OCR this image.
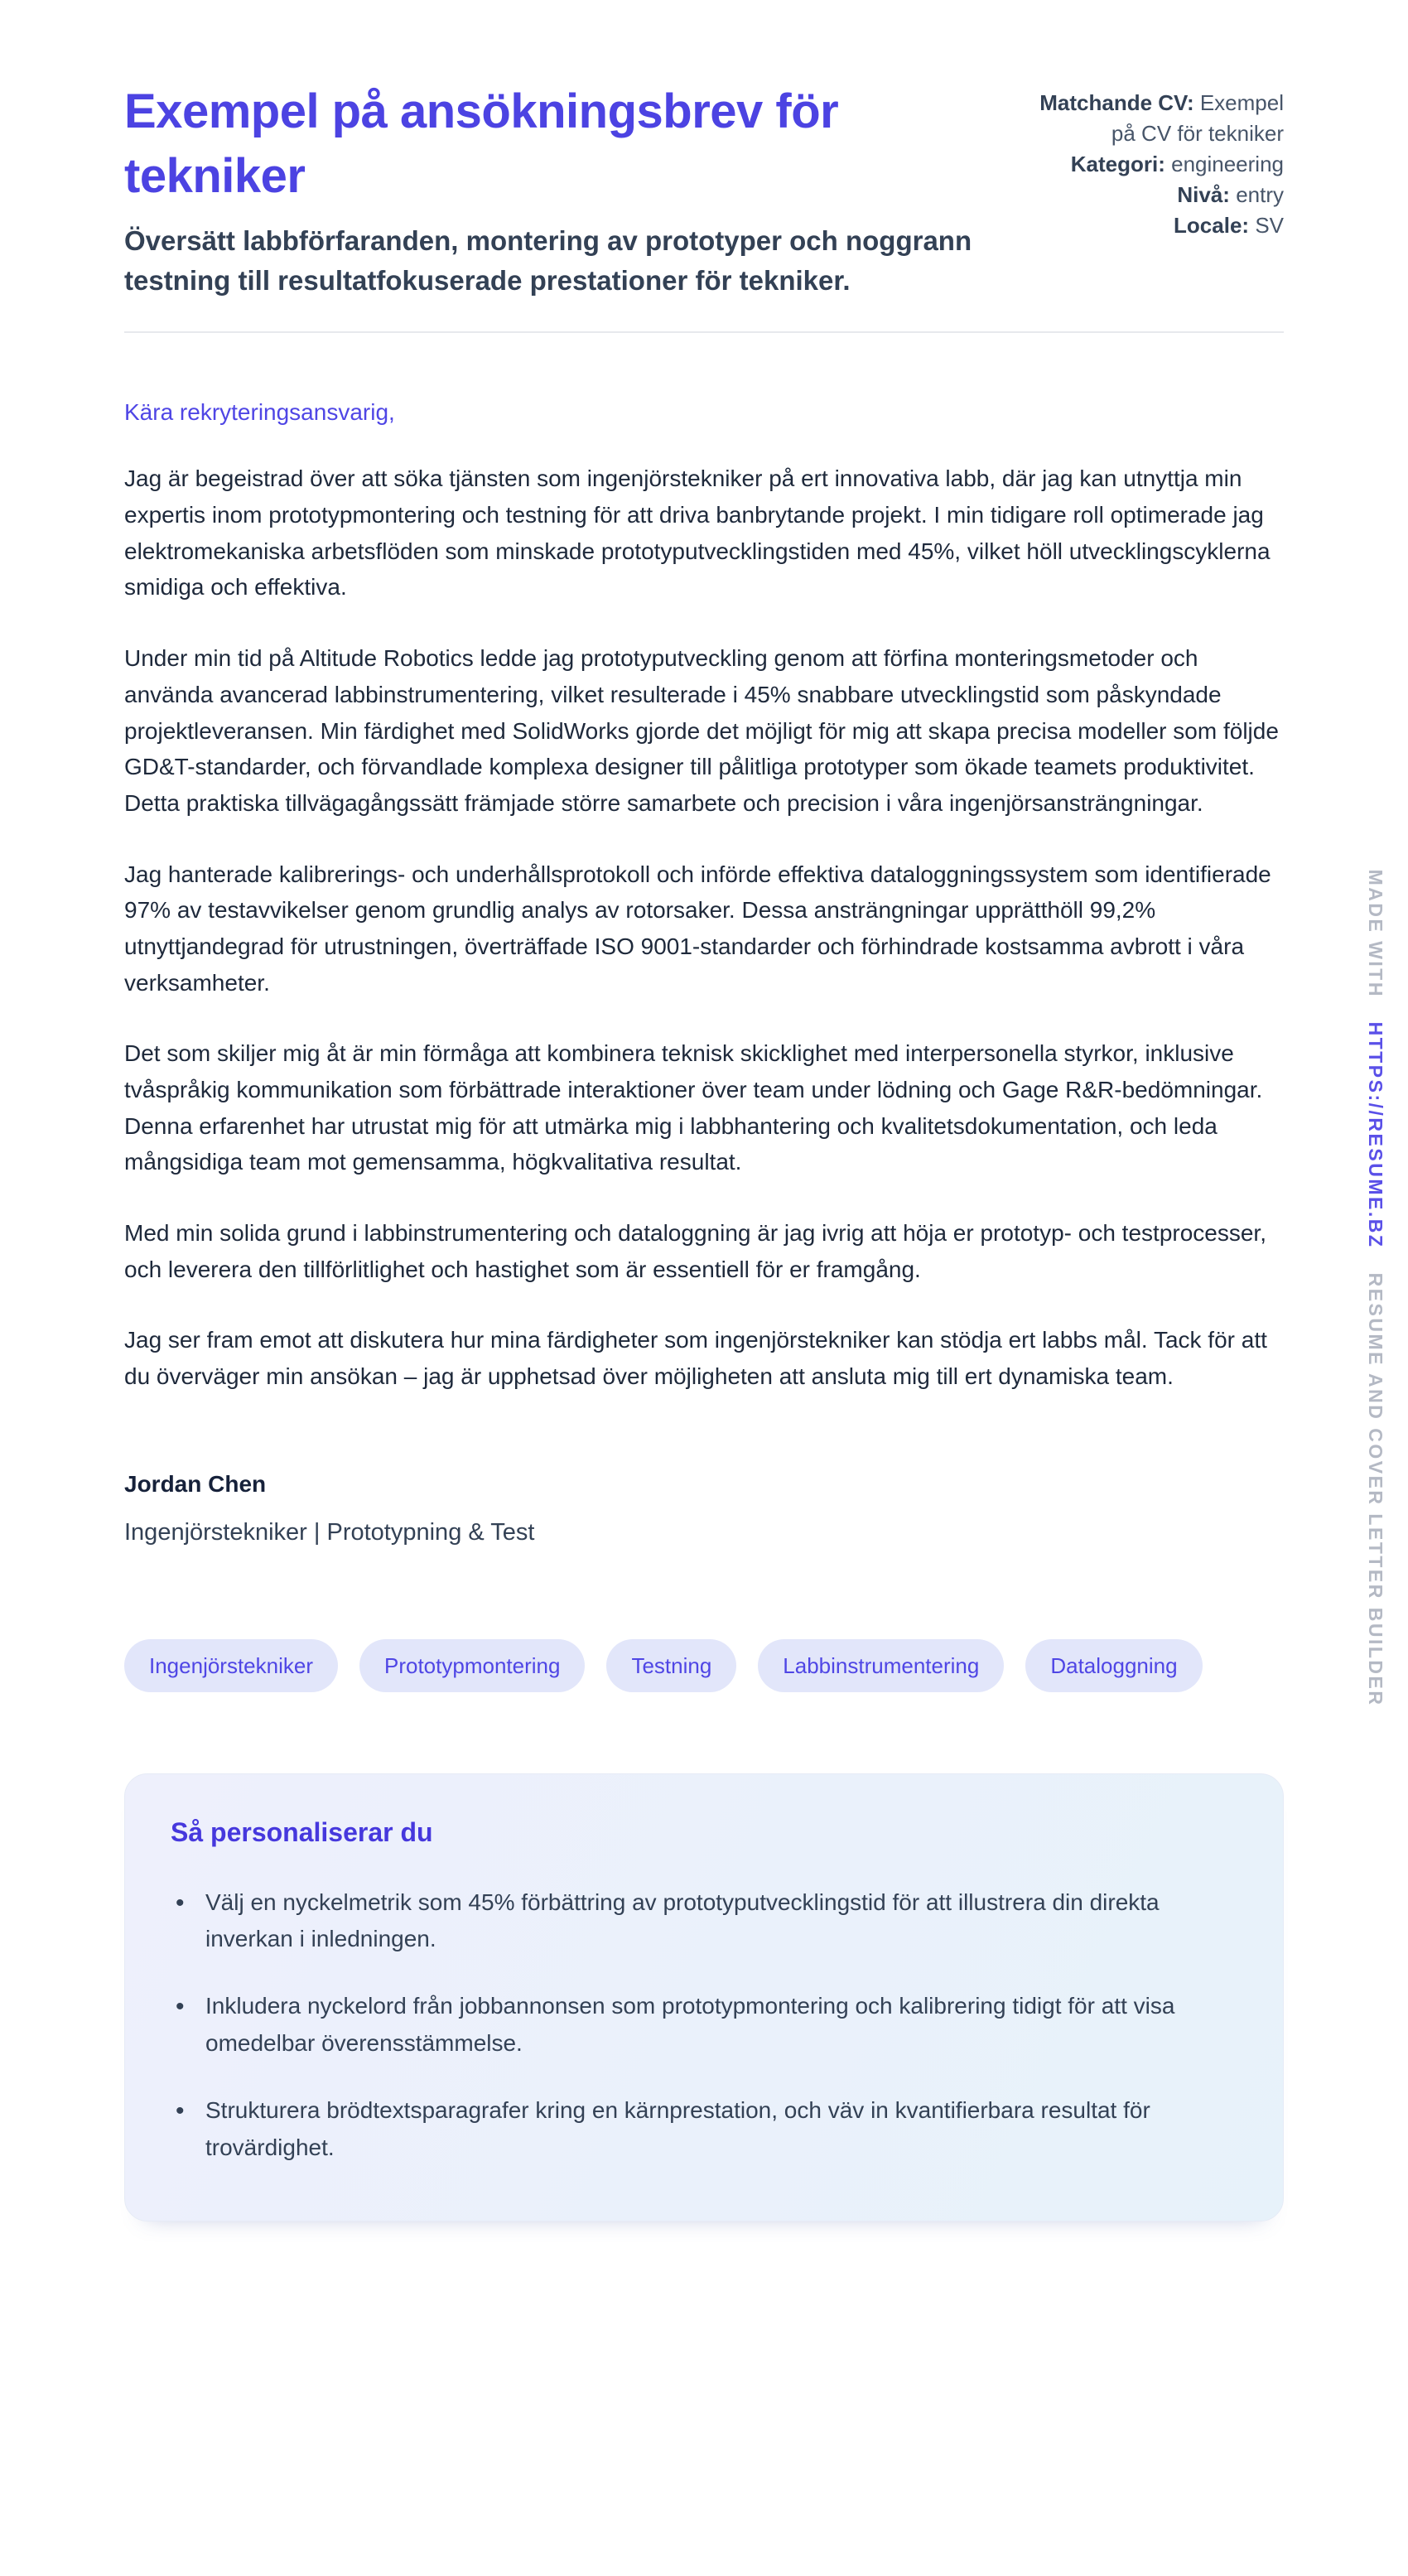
Exempel på ansökningsbrev för tekniker
Översätt labbförfaranden, montering av prototyper och noggrann testning till resultatfokuserade prestationer för tekniker.
Matchande CV: Exempel på CV för tekniker
Kategori: engineering
Nivå: entry
Locale: SV
Kära rekryteringsansvarig,

Jag är begeistrad över att söka tjänsten som ingenjörstekniker på ert innovativa labb, där jag kan utnyttja min expertis inom prototypmontering och testning för att driva banbrytande projekt. I min tidigare roll optimerade jag elektromekaniska arbetsflöden som minskade prototyputvecklingstiden med 45%, vilket höll utvecklingscyklerna smidiga och effektiva.

Under min tid på Altitude Robotics ledde jag prototyputveckling genom att förfina monteringsmetoder och använda avancerad labbinstrumentering, vilket resulterade i 45% snabbare utvecklingstid som påskyndade projektleveransen. Min färdighet med SolidWorks gjorde det möjligt för mig att skapa precisa modeller som följde GD&T-standarder, och förvandlade komplexa designer till pålitliga prototyper som ökade teamets produktivitet. Detta praktiska tillvägagångssätt främjade större samarbete och precision i våra ingenjörsansträngningar.

Jag hanterade kalibrerings- och underhållsprotokoll och införde effektiva dataloggningssystem som identifierade 97% av testavvikelser genom grundlig analys av rotorsaker. Dessa ansträngningar upprätthöll 99,2% utnyttjandegrad för utrustningen, överträffade ISO 9001-standarder och förhindrade kostsamma avbrott i våra verksamheter.

Det som skiljer mig åt är min förmåga att kombinera teknisk skicklighet med interpersonella styrkor, inklusive tvåspråkig kommunikation som förbättrade interaktioner över team under lödning och Gage R&R-bedömningar. Denna erfarenhet har utrustat mig för att utmärka mig i labbhantering och kvalitetsdokumentation, och leda mångsidiga team mot gemensamma, högkvalitativa resultat.

Med min solida grund i labbinstrumentering och dataloggning är jag ivrig att höja er prototyp- och testprocesser, och leverera den tillförlitlighet och hastighet som är essentiell för er framgång.

Jag ser fram emot att diskutera hur mina färdigheter som ingenjörstekniker kan stödja ert labbs mål. Tack för att du överväger min ansökan – jag är upphetsad över möjligheten att ansluta mig till ert dynamiska team.

Jordan Chen
Ingenjörstekniker | Prototypning & Test
Ingenjörstekniker	Prototypmontering	Testning	Labbinstrumentering	Dataloggning
Så personaliserar du
• Välj en nyckelmetrik som 45% förbättring av prototyputvecklingstid för att illustrera din direkta inverkan i inledningen.
• Inkludera nyckelord från jobbannonsen som prototypmontering och kalibrering tidigt för att visa omedelbar överensstämmelse.
• Strukturera brödtextsparagrafer kring en kärnprestation, och väv in kvantifierbara resultat för trovärdighet.
MADE WITH HTTPS://RESUME.BZ RESUME AND COVER LETTER BUILDER
